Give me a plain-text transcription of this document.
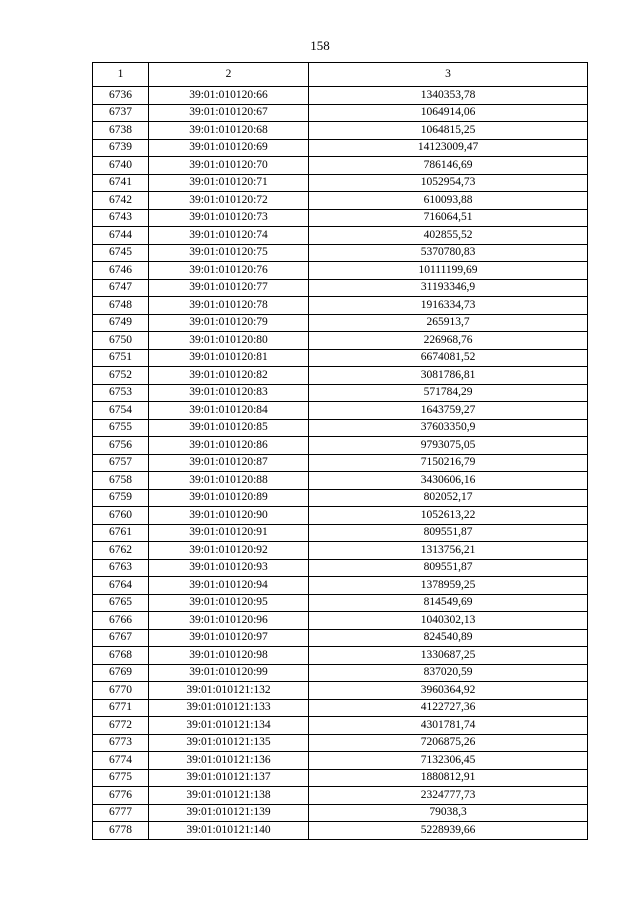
158
1	2	3
6736	39:01:010120:66	1340353,78
6737	39:01:010120:67	1064914,06
6738	39:01:010120:68	1064815,25
6739	39:01:010120:69	14123009,47
6740	39:01:010120:70	786146,69
6741	39:01:010120:71	1052954,73
6742	39:01:010120:72	610093,88
6743	39:01:010120:73	716064,51
6744	39:01:010120:74	402855,52
6745	39:01:010120:75	5370780,83
6746	39:01:010120:76	10111199,69
6747	39:01:010120:77	31193346,9
6748	39:01:010120:78	1916334,73
6749	39:01:010120:79	265913,7
6750	39:01:010120:80	226968,76
6751	39:01:010120:81	6674081,52
6752	39:01:010120:82	3081786,81
6753	39:01:010120:83	571784,29
6754	39:01:010120:84	1643759,27
6755	39:01:010120:85	37603350,9
6756	39:01:010120:86	9793075,05
6757	39:01:010120:87	7150216,79
6758	39:01:010120:88	3430606,16
6759	39:01:010120:89	802052,17
6760	39:01:010120:90	1052613,22
6761	39:01:010120:91	809551,87
6762	39:01:010120:92	1313756,21
6763	39:01:010120:93	809551,87
6764	39:01:010120:94	1378959,25
6765	39:01:010120:95	814549,69
6766	39:01:010120:96	1040302,13
6767	39:01:010120:97	824540,89
6768	39:01:010120:98	1330687,25
6769	39:01:010120:99	837020,59
6770	39:01:010121:132	3960364,92
6771	39:01:010121:133	4122727,36
6772	39:01:010121:134	4301781,74
6773	39:01:010121:135	7206875,26
6774	39:01:010121:136	7132306,45
6775	39:01:010121:137	1880812,91
6776	39:01:010121:138	2324777,73
6777	39:01:010121:139	79038,3
6778	39:01:010121:140	5228939,66
